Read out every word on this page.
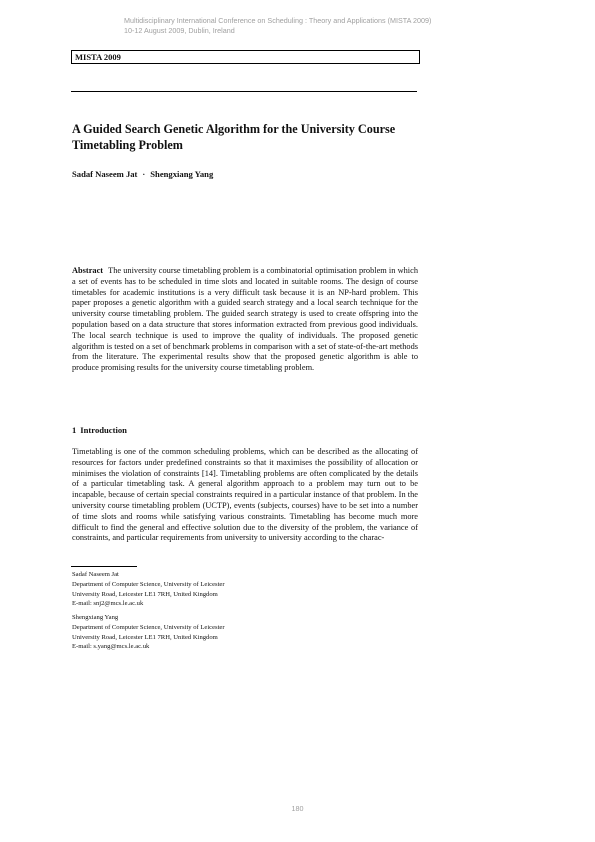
Multidisciplinary International Conference on Scheduling : Theory and Applications (MISTA 2009)
10-12 August 2009, Dublin, Ireland
MISTA 2009
A Guided Search Genetic Algorithm for the University Course Timetabling Problem
Sadaf Naseem Jat · Shengxiang Yang
Abstract The university course timetabling problem is a combinatorial optimisation problem in which a set of events has to be scheduled in time slots and located in suitable rooms. The design of course timetables for academic institutions is a very difficult task because it is an NP-hard problem. This paper proposes a genetic algorithm with a guided search strategy and a local search technique for the university course timetabling problem. The guided search strategy is used to create offspring into the population based on a data structure that stores information extracted from previous good individuals. The local search technique is used to improve the quality of individuals. The proposed genetic algorithm is tested on a set of benchmark problems in comparison with a set of state-of-the-art methods from the literature. The experimental results show that the proposed genetic algorithm is able to produce promising results for the university course timetabling problem.
1 Introduction
Timetabling is one of the common scheduling problems, which can be described as the allocating of resources for factors under predefined constraints so that it maximises the possibility of allocation or minimises the violation of constraints [14]. Timetabling problems are often complicated by the details of a particular timetabling task. A general algorithm approach to a problem may turn out to be incapable, because of certain special constraints required in a particular instance of that problem. In the university course timetabling problem (UCTP), events (subjects, courses) have to be set into a number of time slots and rooms while satisfying various constraints. Timetabling has become much more difficult to find the general and effective solution due to the diversity of the problem, the variance of constraints, and particular requirements from university to university according to the charac-
Sadaf Naseem Jat
Department of Computer Science, University of Leicester
University Road, Leicester LE1 7RH, United Kingdom
E-mail: snj2@mcs.le.ac.uk
Shengxiang Yang
Department of Computer Science, University of Leicester
University Road, Leicester LE1 7RH, United Kingdom
E-mail: s.yang@mcs.le.ac.uk
180
